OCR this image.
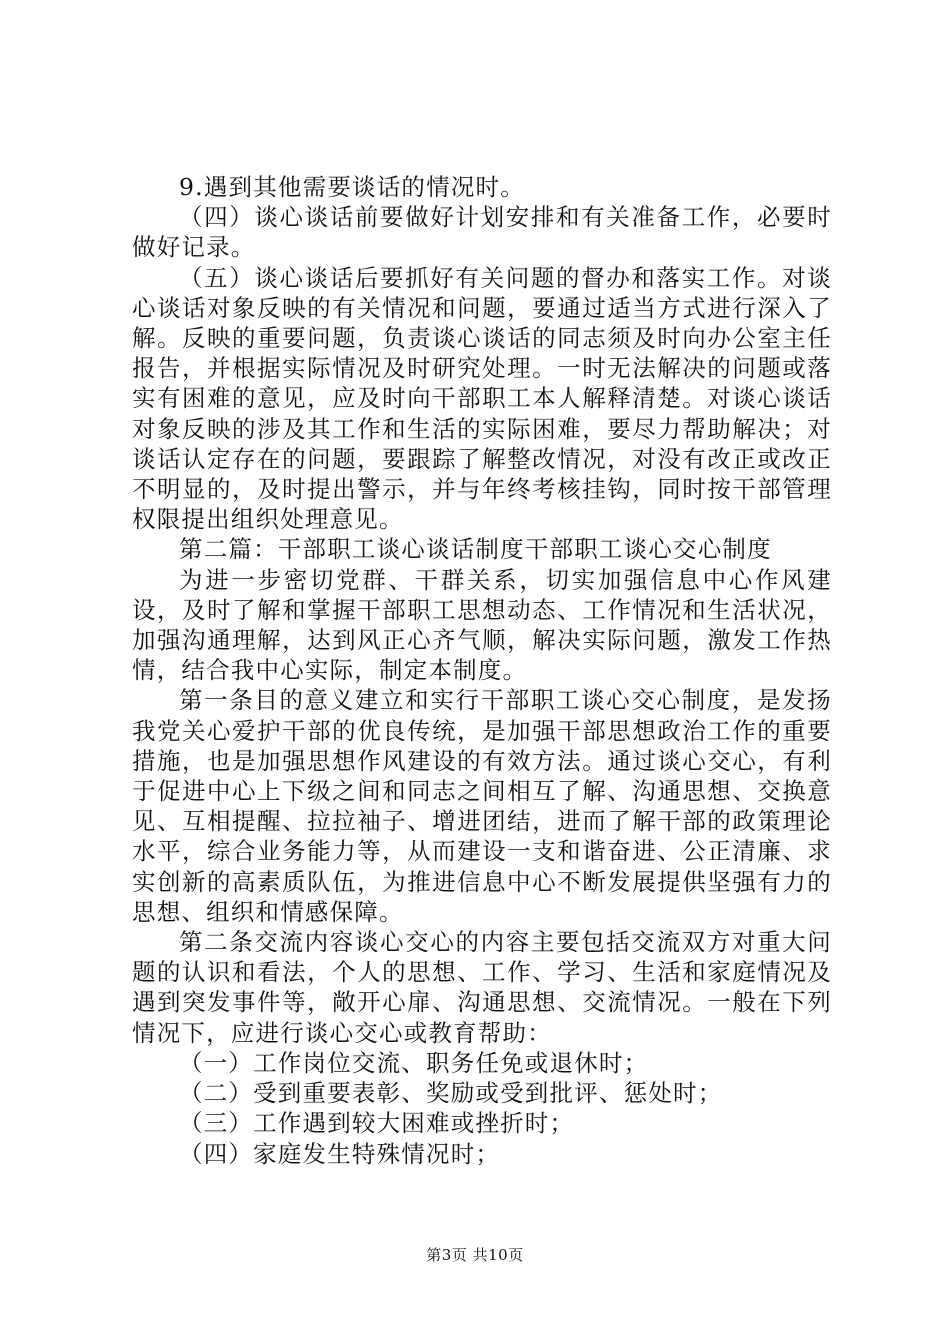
9.遇到其他需要谈话的情况时。

（四）谈心谈话前要做好计划安排和有关准备工作，必要时做好记录。

（五）谈心谈话后要抓好有关问题的督办和落实工作。对谈心谈话对象反映的有关情况和问题，要通过适当方式进行深入了解。反映的重要问题，负责谈心谈话的同志须及时向办公室主任报告，并根据实际情况及时研究处理。一时无法解决的问题或落实有困难的意见，应及时向干部职工本人解释清楚。对谈心谈话对象反映的涉及其工作和生活的实际困难，要尽力帮助解决；对谈话认定存在的问题，要跟踪了解整改情况，对没有改正或改正不明显的，及时提出警示，并与年终考核挂钩，同时按干部管理权限提出组织处理意见。

第二篇：干部职工谈心谈话制度干部职工谈心交心制度

为进一步密切党群、干群关系，切实加强信息中心作风建设，及时了解和掌握干部职工思想动态、工作情况和生活状况，加强沟通理解，达到风正心齐气顺，解决实际问题，激发工作热情，结合我中心实际，制定本制度。

第一条目的意义建立和实行干部职工谈心交心制度，是发扬我党关心爱护干部的优良传统，是加强干部思想政治工作的重要措施，也是加强思想作风建设的有效方法。通过谈心交心，有利于促进中心上下级之间和同志之间相互了解、沟通思想、交换意见、互相提醒、拉拉袖子、增进团结，进而了解干部的政策理论水平，综合业务能力等，从而建设一支和谐奋进、公正清廉、求实创新的高素质队伍，为推进信息中心不断发展提供坚强有力的思想、组织和情感保障。

第二条交流内容谈心交心的内容主要包括交流双方对重大问题的认识和看法，个人的思想、工作、学习、生活和家庭情况及遇到突发事件等，敞开心扉、沟通思想、交流情况。一般在下列情况下，应进行谈心交心或教育帮助：

（一）工作岗位交流、职务任免或退休时；

（二）受到重要表彰、奖励或受到批评、惩处时；

（三）工作遇到较大困难或挫折时；

（四）家庭发生特殊情况时；

第3页 共10页
